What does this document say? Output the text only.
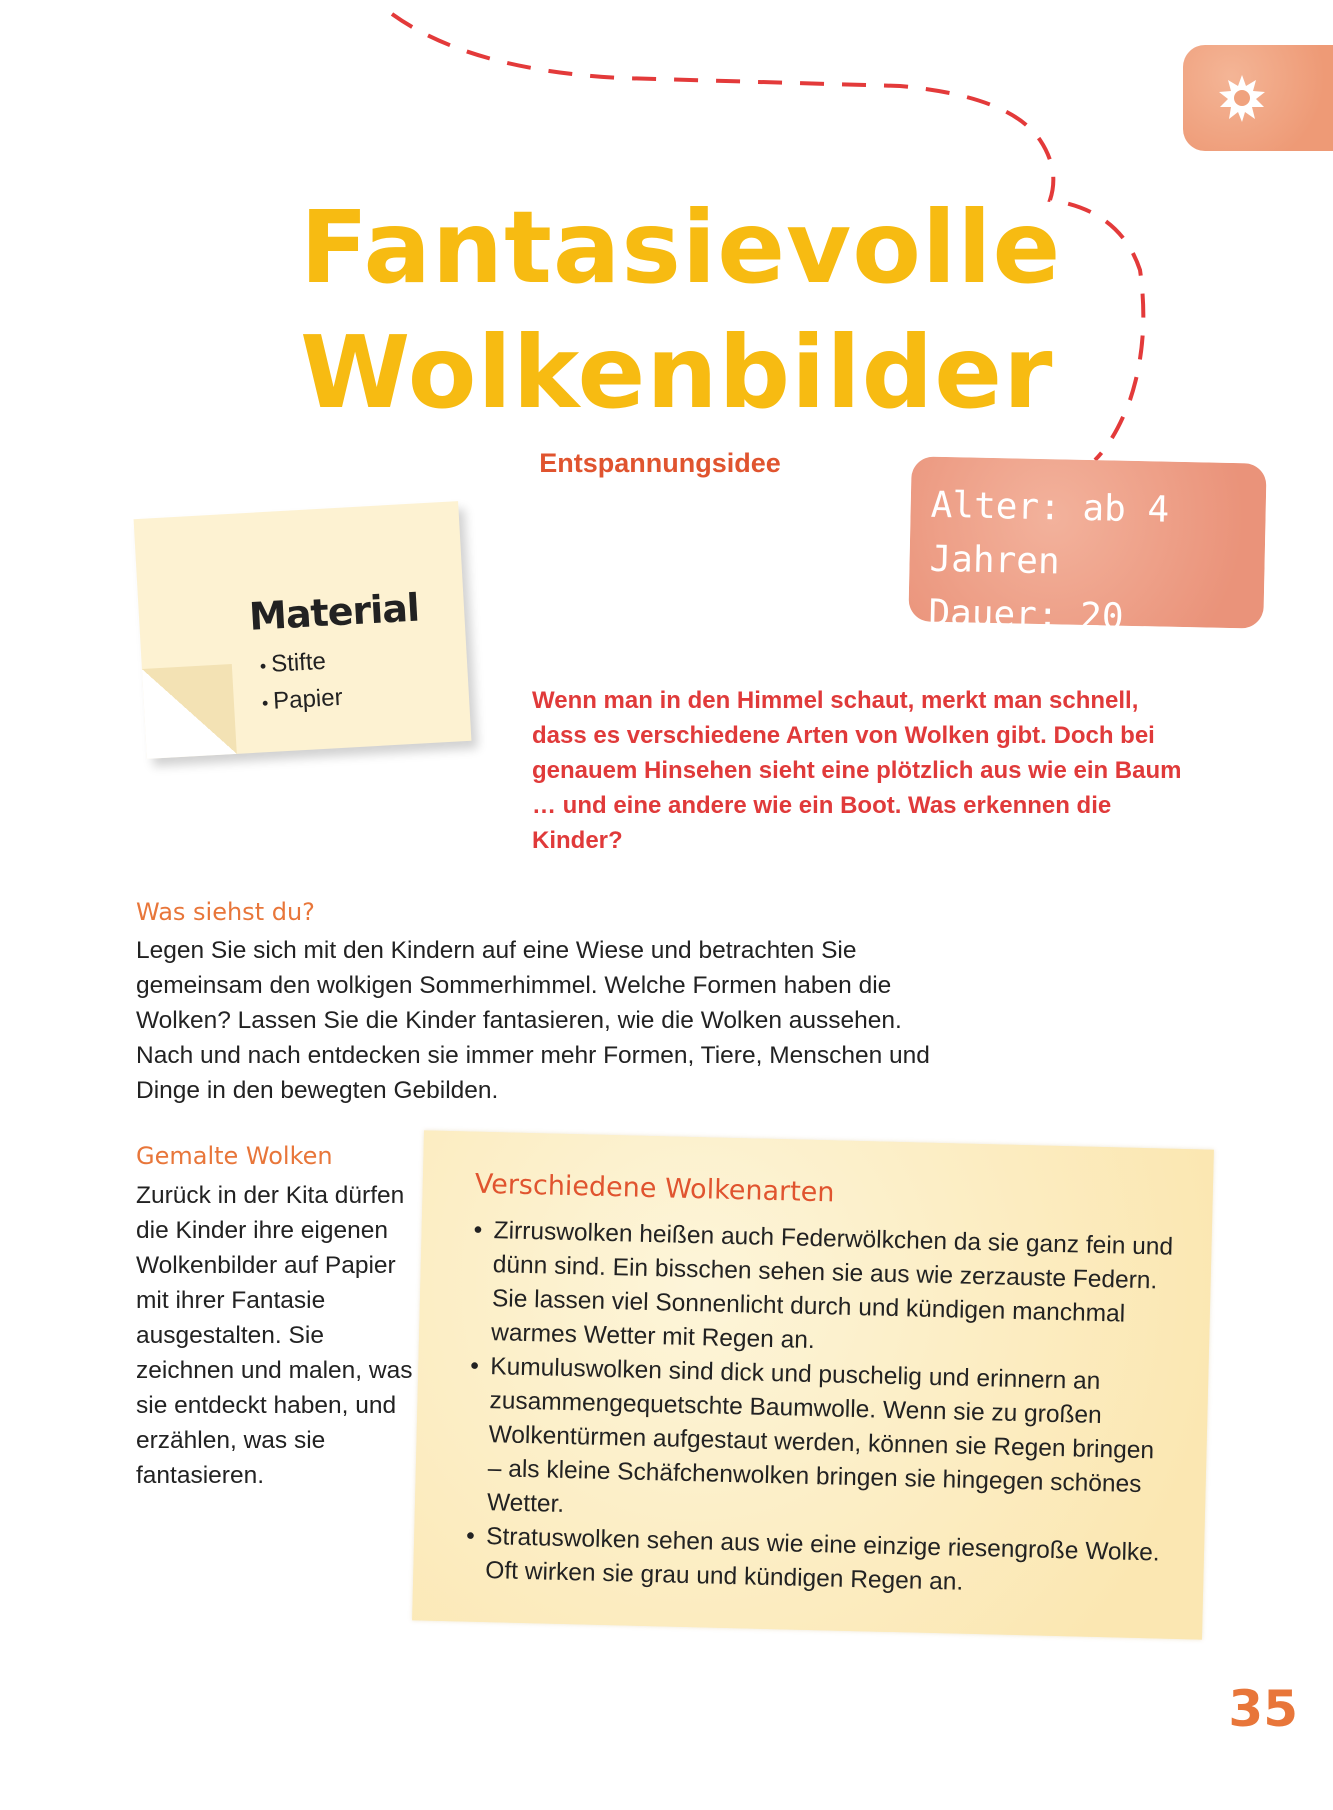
Fantasievolle
Wolkenbilder
Entspannungsidee
Alter: ab 4 Jahren
Dauer: 20 Minuten
Material
• Stifte
• Papier	Wenn man in den Himmel schaut, merkt man schnell, dass es verschiedene Arten von Wolken gibt. Doch bei genauem Hinsehen sieht eine plötzlich aus wie ein Baum … und eine andere wie ein Boot. Was erkennen die Kinder?
Was siehst du?
Legen Sie sich mit den Kindern auf eine Wiese und betrachten Sie gemeinsam den wolkigen Sommerhimmel. Welche Formen haben die Wolken? Lassen Sie die Kinder fantasieren, wie die Wolken aussehen. Nach und nach entdecken sie immer mehr Formen, Tiere, Menschen und Dinge in den bewegten Gebilden.
Gemalte Wolken
Zurück in der Kita dürfen die Kinder ihre eigenen Wolkenbilder auf Papier mit ihrer Fantasie ausgestalten. Sie zeichnen und malen, was sie entdeckt haben, und erzählen, was sie fantasieren.
Verschiedene Wolkenarten
• Zirruswolken heißen auch Federwölkchen da sie ganz fein und dünn sind. Ein bisschen sehen sie aus wie zerzauste Federn. Sie lassen viel Sonnenlicht durch und kündigen manchmal warmes Wetter mit Regen an.
• Kumuluswolken sind dick und puschelig und erinnern an zusammengequetschte Baumwolle. Wenn sie zu großen Wolkentürmen aufgestaut werden, können sie Regen bringen – als kleine Schäfchenwolken bringen sie hingegen schönes Wetter.
• Stratuswolken sehen aus wie eine einzige riesengroße Wolke. Oft wirken sie grau und kündigen Regen an.
35
